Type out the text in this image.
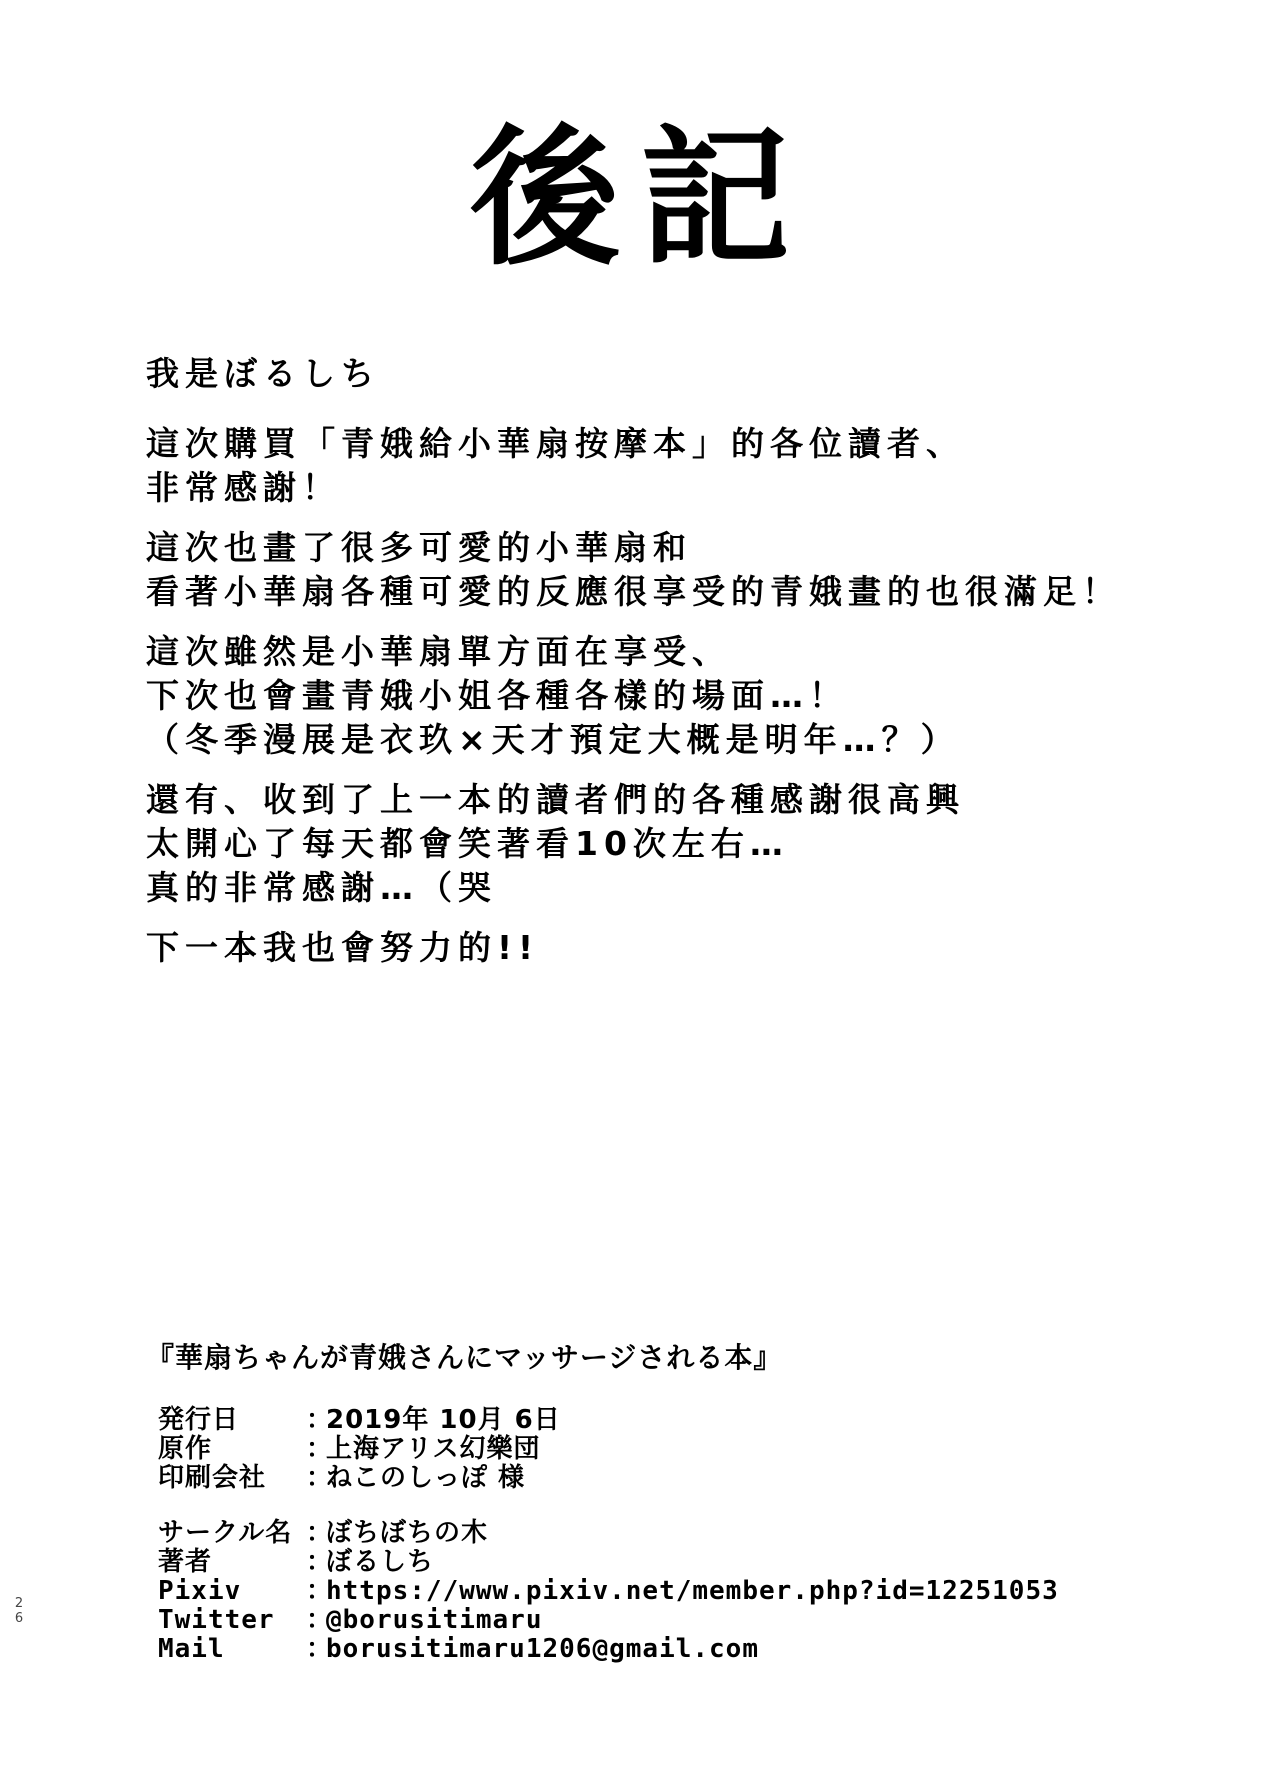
後記
我是ぼるしち
這次購買「青娥給小華扇按摩本」的各位讀者、
非常感謝！
這次也畫了很多可愛的小華扇和
看著小華扇各種可愛的反應很享受的青娥畫的也很滿足！
這次雖然是小華扇單方面在享受、
下次也會畫青娥小姐各種各樣的場面…！
（冬季漫展是衣玖×天才預定大概是明年…？）
還有、收到了上一本的讀者們的各種感謝很高興
太開心了每天都會笑著看10次左右…
真的非常感謝…（哭
下一本我也會努力的!!
『華扇ちゃんが青娥さんにマッサージされる本』
発行日	：
2019年 10月 6日
原作	：
上海アリス幻樂団
印刷会社	：
ねこのしっぽ 様
サークル名 ：
ぼちぼちの木
著者	：
ぼるしち
Pixiv	：
https://www.pixiv.net/member.php?id=12251053
Twitter	：
@borusitimaru
Mail	：
borusitimaru1206@gmail.com
26
